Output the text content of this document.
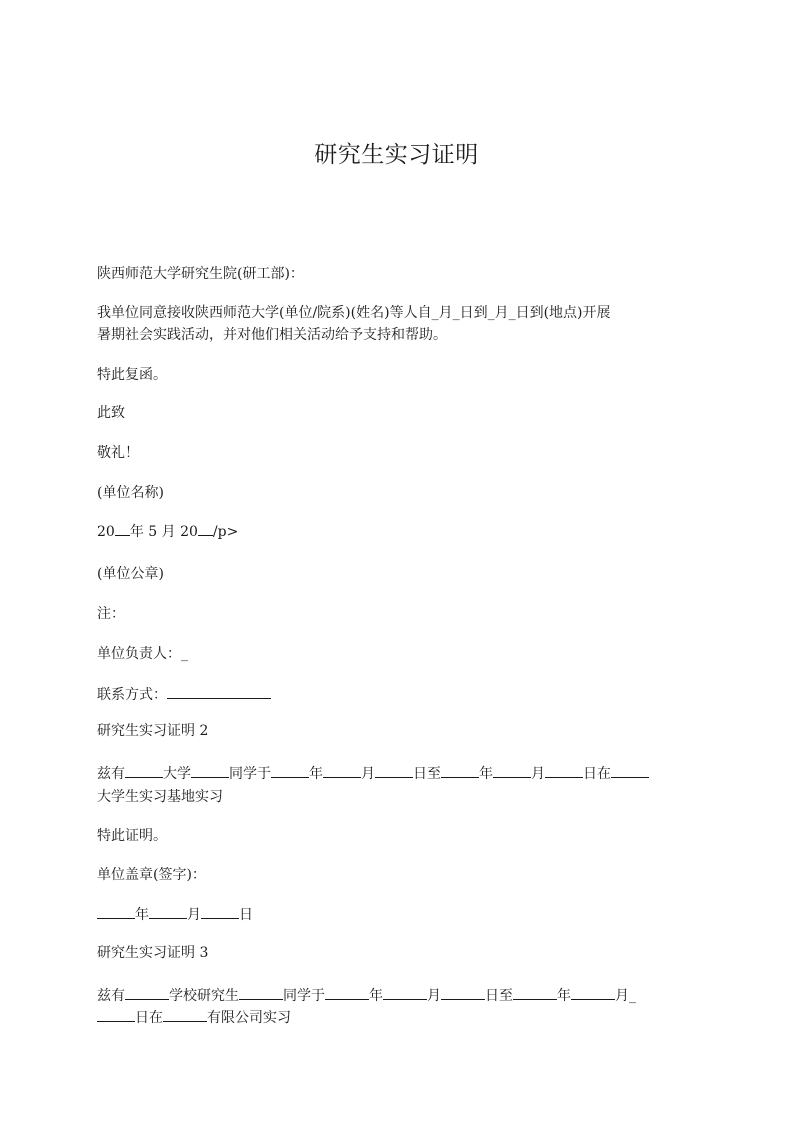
研究生实习证明
陕西师范大学研究生院(研工部)：
我单位同意接收陕西师范大学(单位/院系)(姓名)等人自_月_日到_月_日到(地点)开展
暑期社会实践活动，并对他们相关活动给予支持和帮助。
特此复函。
此致
敬礼！
(单位名称)
20 年 5 月 20 /p>
(单位公章)
注：
单位负责人：_
联系方式：
研究生实习证明 2
兹有	大学	同学于	年	月	日至	年	月	日在
大学生实习基地实习
特此证明。
单位盖章(签字)：
年	月	日
研究生实习证明 3
兹有	学校研究生	同学于	年	月	日至	年	月_
日在	有限公司实习
